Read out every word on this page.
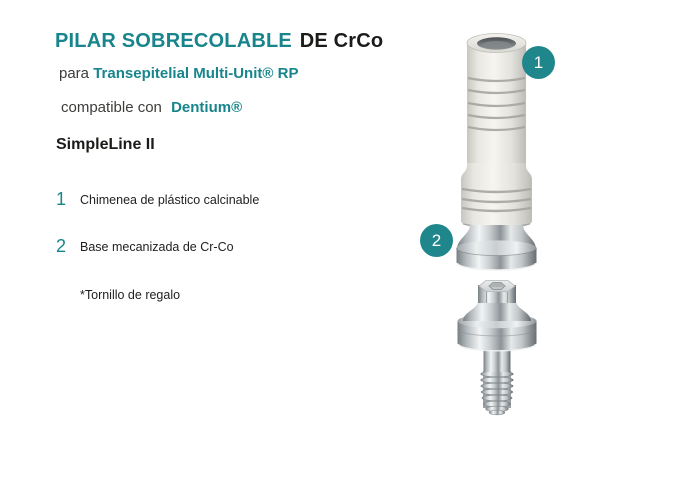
PILAR SOBRECOLABLE DE CrCo

para Transepitelial Multi-Unit® RP

compatible con Dentium®

SimpleLine II

1	Chimenea de plástico calcinable
2	Base mecanizada de Cr-Co

*Tornillo de regalo

1
2
